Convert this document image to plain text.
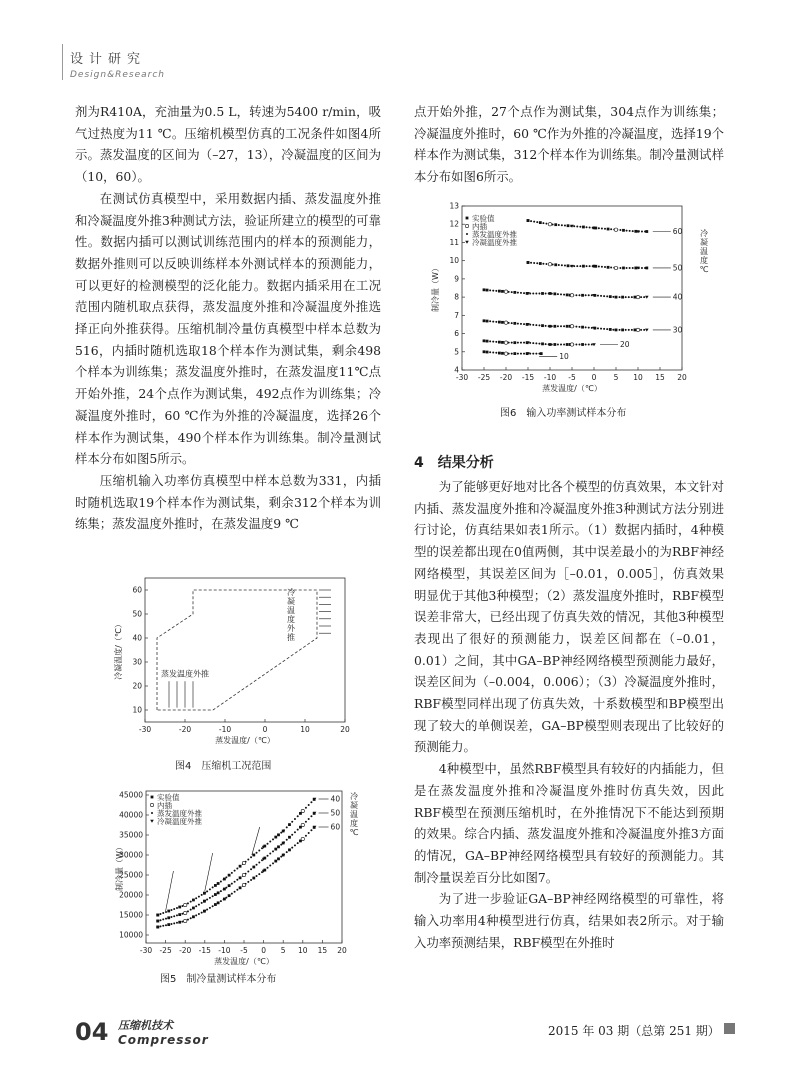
设计研究
Design&Research

剂为R410A，充油量为0.5 L，转速为5400 r/min，吸气过热度为11 ℃。压缩机模型仿真的工况条件如图4所示。蒸发温度的区间为（–27，13），冷凝温度的区间为（10，60）。

在测试仿真模型中，采用数据内插、蒸发温度外推和冷凝温度外推3种测试方法，验证所建立的模型的可靠性。数据内插可以测试训练范围内的样本的预测能力，数据外推则可以反映训练样本外测试样本的预测能力，可以更好的检测模型的泛化能力。数据内插采用在工况范围内随机取点获得，蒸发温度外推和冷凝温度外推选择正向外推获得。压缩机制冷量仿真模型中样本总数为516，内插时随机选取18个样本作为测试集，剩余498个样本为训练集；蒸发温度外推时，在蒸发温度11℃点开始外推，24个点作为测试集，492点作为训练集；冷凝温度外推时，60 ℃作为外推的冷凝温度，选择26个样本作为测试集，490个样本作为训练集。制冷量测试样本分布如图5所示。

压缩机输入功率仿真模型中样本总数为331，内插时随机选取19个样本作为测试集，剩余312个样本为训练集；蒸发温度外推时，在蒸发温度9 ℃

点开始外推，27个点作为测试集，304点作为训练集；冷凝温度外推时，60 ℃作为外推的冷凝温度，选择19个样本作为测试集，312个样本作为训练集。制冷量测试样本分布如图6所示。

-30 -25 -20 -15 -10 -5 0 5 10 15 20
4
5
6
7
8
9
10
11
12
13
蒸发温度/（℃）
制冷量（W）
实验值
内插
蒸发温度外推
冷凝温度外推
60
50
40
30
20
10
冷
凝
温
度
℃
图6　输入功率测试样本分布
4　结果分析

为了能够更好地对比各个模型的仿真效果，本文针对内插、蒸发温度外推和冷凝温度外推3种测试方法分别进行讨论，仿真结果如表1所示。（1）数据内插时，4种模型的误差都出现在0值两侧，其中误差最小的为RBF神经网络模型，其误差区间为［–0.01，0.005］，仿真效果明显优于其他3种模型；（2）蒸发温度外推时，RBF模型误差非常大，已经出现了仿真失效的情况，其他3种模型表现出了很好的预测能力，误差区间都在（–0.01，0.01）之间，其中GA–BP神经网络模型预测能力最好，误差区间为（–0.004，0.006）；（3）冷凝温度外推时，RBF模型同样出现了仿真失效，十系数模型和BP模型出现了较大的单侧误差，GA–BP模型则表现出了比较好的预测能力。

4种模型中，虽然RBF模型具有较好的内插能力，但是在蒸发温度外推和冷凝温度外推时仿真失效，因此RBF模型在预测压缩机时，在外推情况下不能达到预期的效果。综合内插、蒸发温度外推和冷凝温度外推3方面的情况，GA–BP神经网络模型具有较好的预测能力。其制冷量误差百分比如图7。

为了进一步验证GA–BP神经网络模型的可靠性，将输入功率用4种模型进行仿真，结果如表2所示。对于输入功率预测结果，RBF模型在外推时

-30	-20	-10	0	10	20
10
20
30
40
50
60
蒸发温度/（℃）
冷凝温度/（℃）
冷
凝
温
度
外
推
蒸发温度外推
图4　压缩机工况范围
-30 -25 -20 -15 -10 -5 0 5 10 15 20
10000
15000
20000
25000
30000
35000
40000
45000
蒸发温度/（℃）
制冷量（W）
实验值
内插
蒸发温度外推
冷凝温度外推
40
50
60
冷
凝
温
度
℃
图5　制冷量测试样本分布
04 压缩机技术
Compressor
2015 年 03 期（总第 251 期）
